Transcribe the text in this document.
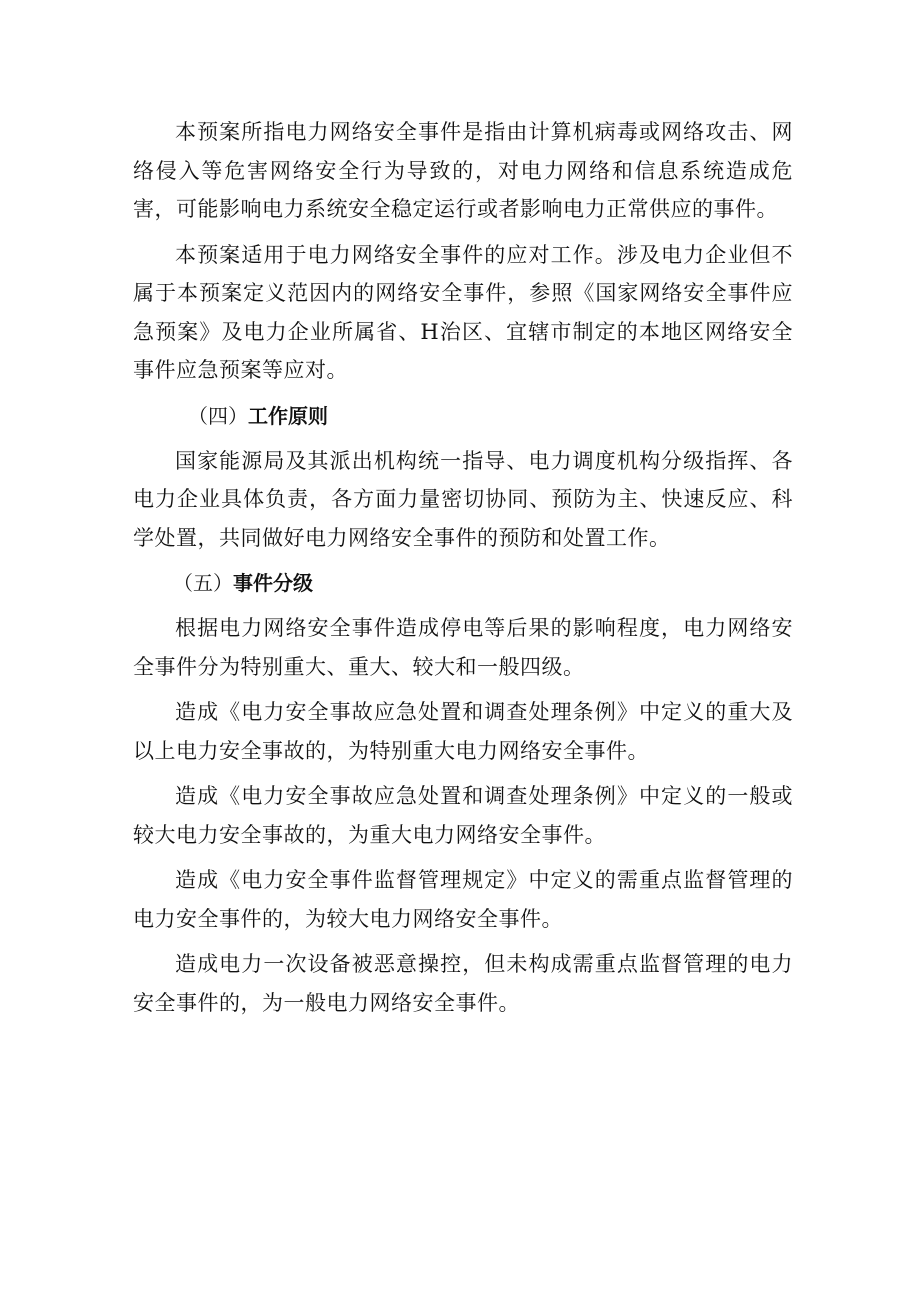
本预案所指电力网络安全事件是指由计算机病毒或网络攻击、网络侵入等危害网络安全行为导致的，对电力网络和信息系统造成危害，可能影响电力系统安全稳定运行或者影响电力正常供应的事件。

本预案适用于电力网络安全事件的应对工作。涉及电力企业但不属于本预案定义范因内的网络安全事件，参照《国家网络安全事件应急预案》及电力企业所属省、H治区、宜辖市制定的本地区网络安全事件应急预案等应对。

（四）工作原则

国家能源局及其派出机构统一指导、电力调度机构分级指挥、各电力企业具体负责，各方面力量密切协同、预防为主、快速反应、科学处置，共同做好电力网络安全事件的预防和处置工作。

（五）事件分级

根据电力网络安全事件造成停电等后果的影响程度，电力网络安全事件分为特别重大、重大、较大和一般四级。

造成《电力安全事故应急处置和调查处理条例》中定义的重大及以上电力安全事故的，为特别重大电力网络安全事件。

造成《电力安全事故应急处置和调查处理条例》中定义的一般或较大电力安全事故的，为重大电力网络安全事件。

造成《电力安全事件监督管理规定》中定义的需重点监督管理的电力安全事件的，为较大电力网络安全事件。

造成电力一次设备被恶意操控，但未构成需重点监督管理的电力安全事件的，为一般电力网络安全事件。
